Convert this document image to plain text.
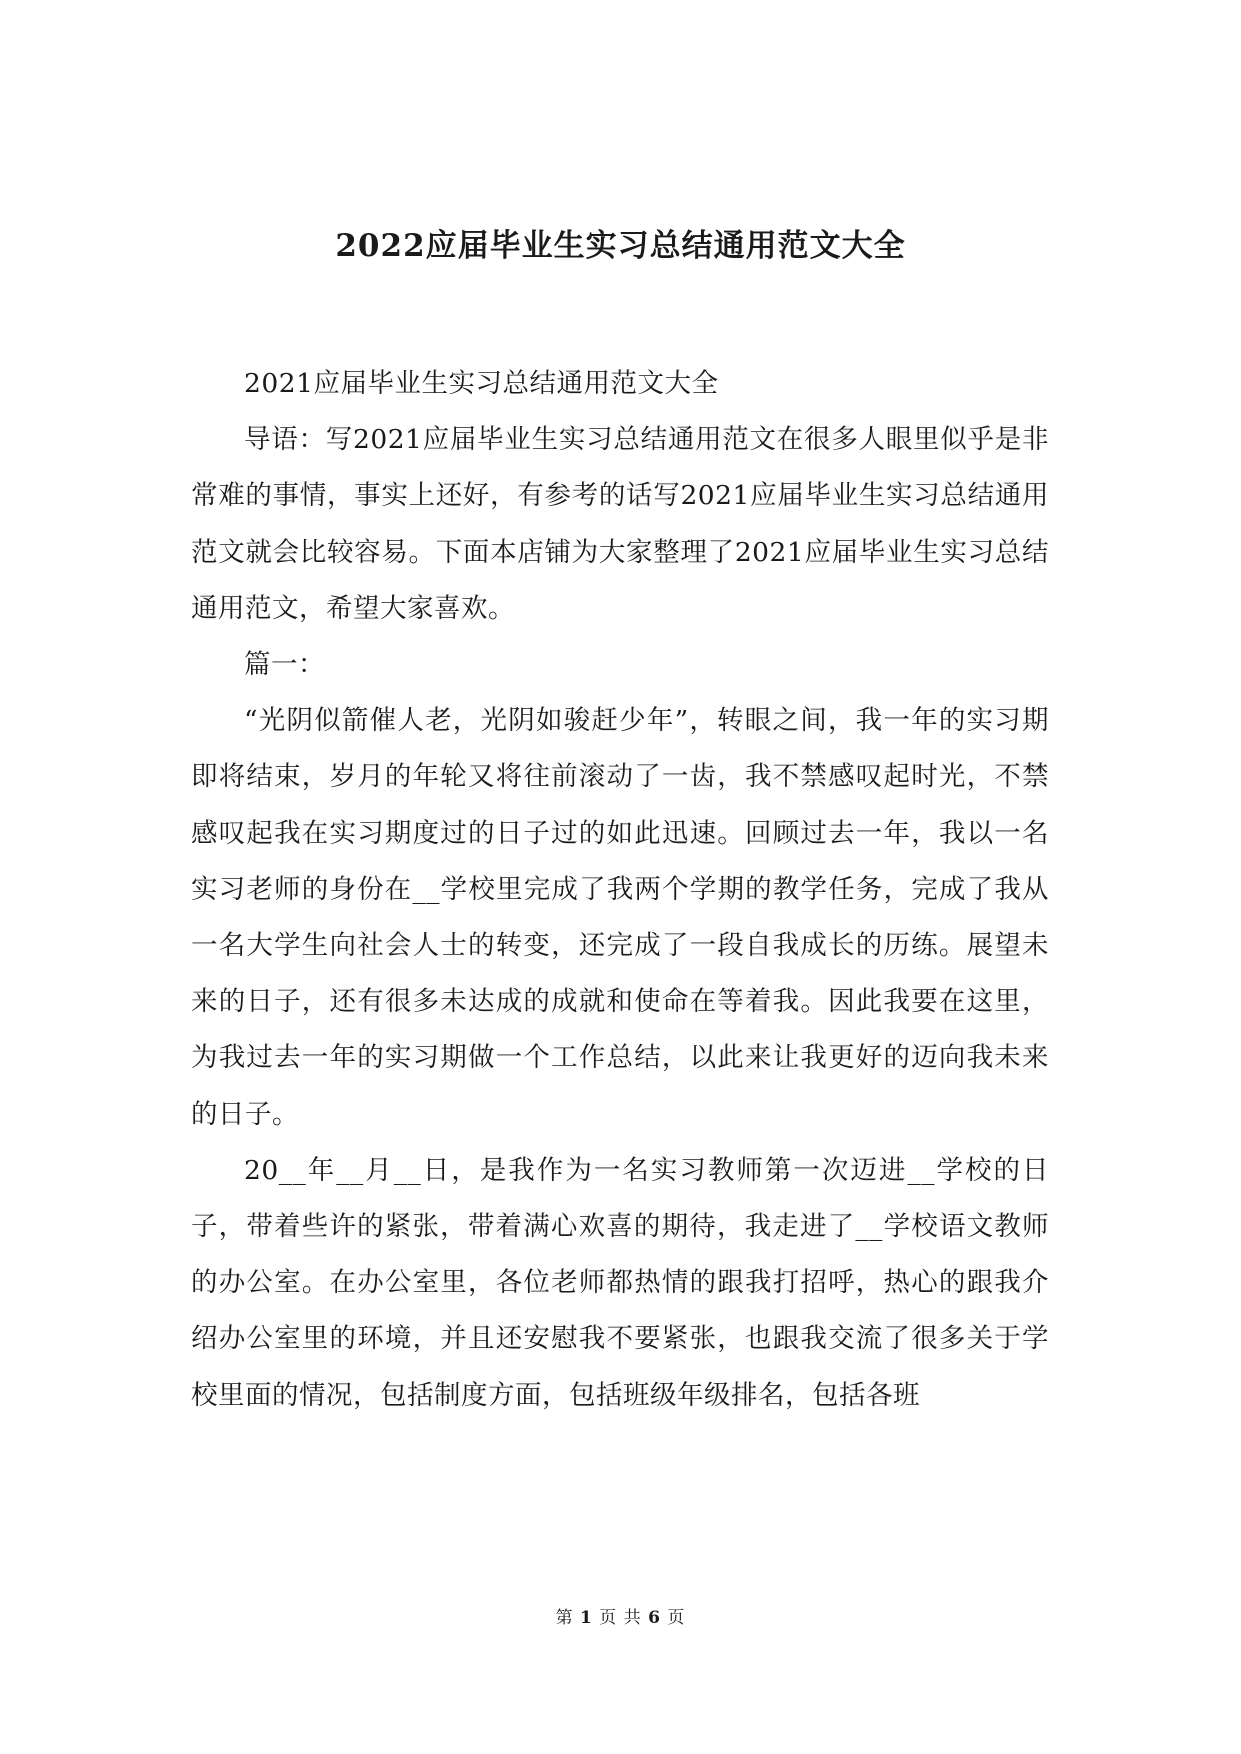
2022应届毕业生实习总结通用范文大全

2021应届毕业生实习总结通用范文大全

导语：写2021应届毕业生实习总结通用范文在很多人眼里似乎是非常难的事情，事实上还好，有参考的话写2021应届毕业生实习总结通用范文就会比较容易。下面本店铺为大家整理了2021应届毕业生实习总结通用范文，希望大家喜欢。

篇一：

“光阴似箭催人老，光阴如骏赶少年”，转眼之间，我一年的实习期即将结束，岁月的年轮又将往前滚动了一齿，我不禁感叹起时光，不禁感叹起我在实习期度过的日子过的如此迅速。回顾过去一年，我以一名实习老师的身份在__学校里完成了我两个学期的教学任务，完成了我从一名大学生向社会人士的转变，还完成了一段自我成长的历练。展望未来的日子，还有很多未达成的成就和使命在等着我。因此我要在这里，为我过去一年的实习期做一个工作总结，以此来让我更好的迈向我未来的日子。

20__年__月__日，是我作为一名实习教师第一次迈进__学校的日子，带着些许的紧张，带着满心欢喜的期待，我走进了__学校语文教师的办公室。在办公室里，各位老师都热情的跟我打招呼，热心的跟我介绍办公室里的环境，并且还安慰我不要紧张，也跟我交流了很多关于学校里面的情况，包括制度方面，包括班级年级排名，包括各班

第 1 页 共 6 页
